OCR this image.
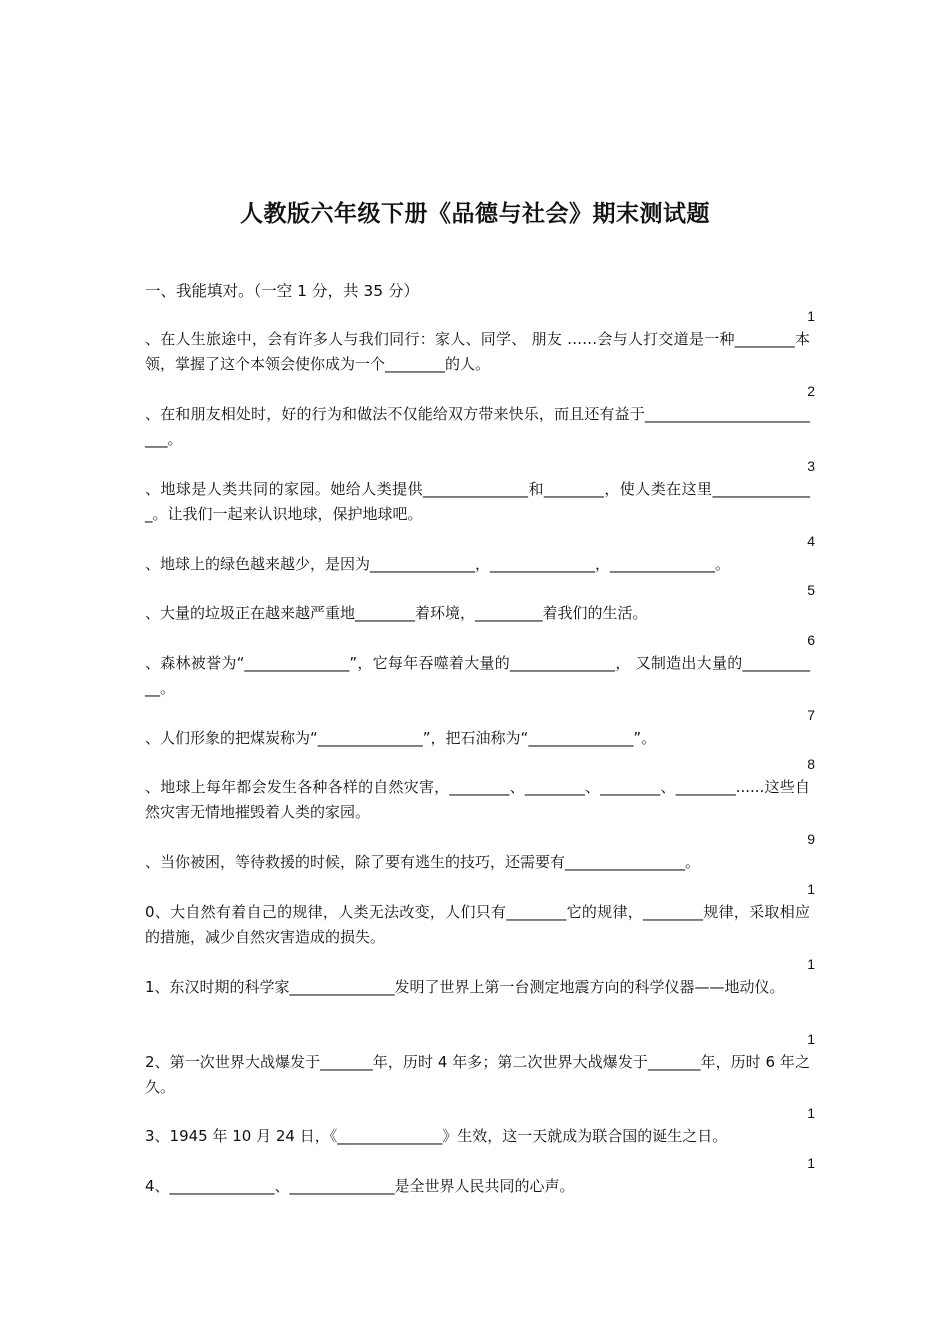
人教版六年级下册《品德与社会》期末测试题
一、我能填对。（一空 1 分，共 35 分）
1
、在人生旅途中，会有许多人与我们同行：家人、同学、 朋友 ……会与人打交道是一种________本领，掌握了这个本领会使你成为一个________的人。
2
、在和朋友相处时，好的行为和做法不仅能给双方带来快乐，而且还有益于_________________________。
3
、地球是人类共同的家园。她给人类提供______________和________，使人类在这里______________。让我们一起来认识地球，保护地球吧。
4
、地球上的绿色越来越少，是因为______________，______________，______________。
5
、大量的垃圾正在越来越严重地________着环境，_________着我们的生活。
6
、森林被誉为“______________”，它每年吞噬着大量的______________， 又制造出大量的___________。
7
、人们形象的把煤炭称为“______________”，把石油称为“______________”。
8
、地球上每年都会发生各种各样的自然灾害，________、________、________、________......这些自然灾害无情地摧毁着人类的家园。
9
、当你被困，等待救援的时候，除了要有逃生的技巧，还需要有________________。
1
0、大自然有着自己的规律，人类无法改变，人们只有________它的规律，________规律，采取相应的措施，减少自然灾害造成的损失。
1
1、东汉时期的科学家______________发明了世界上第一台测定地震方向的科学仪器——地动仪。
1
2、第一次世界大战爆发于_______年，历时 4 年多；第二次世界大战爆发于_______年，历时 6 年之久。
1
3、1945 年 10 月 24 日，《______________》生效，这一天就成为联合国的诞生之日。
1
4、______________、______________是全世界人民共同的心声。
